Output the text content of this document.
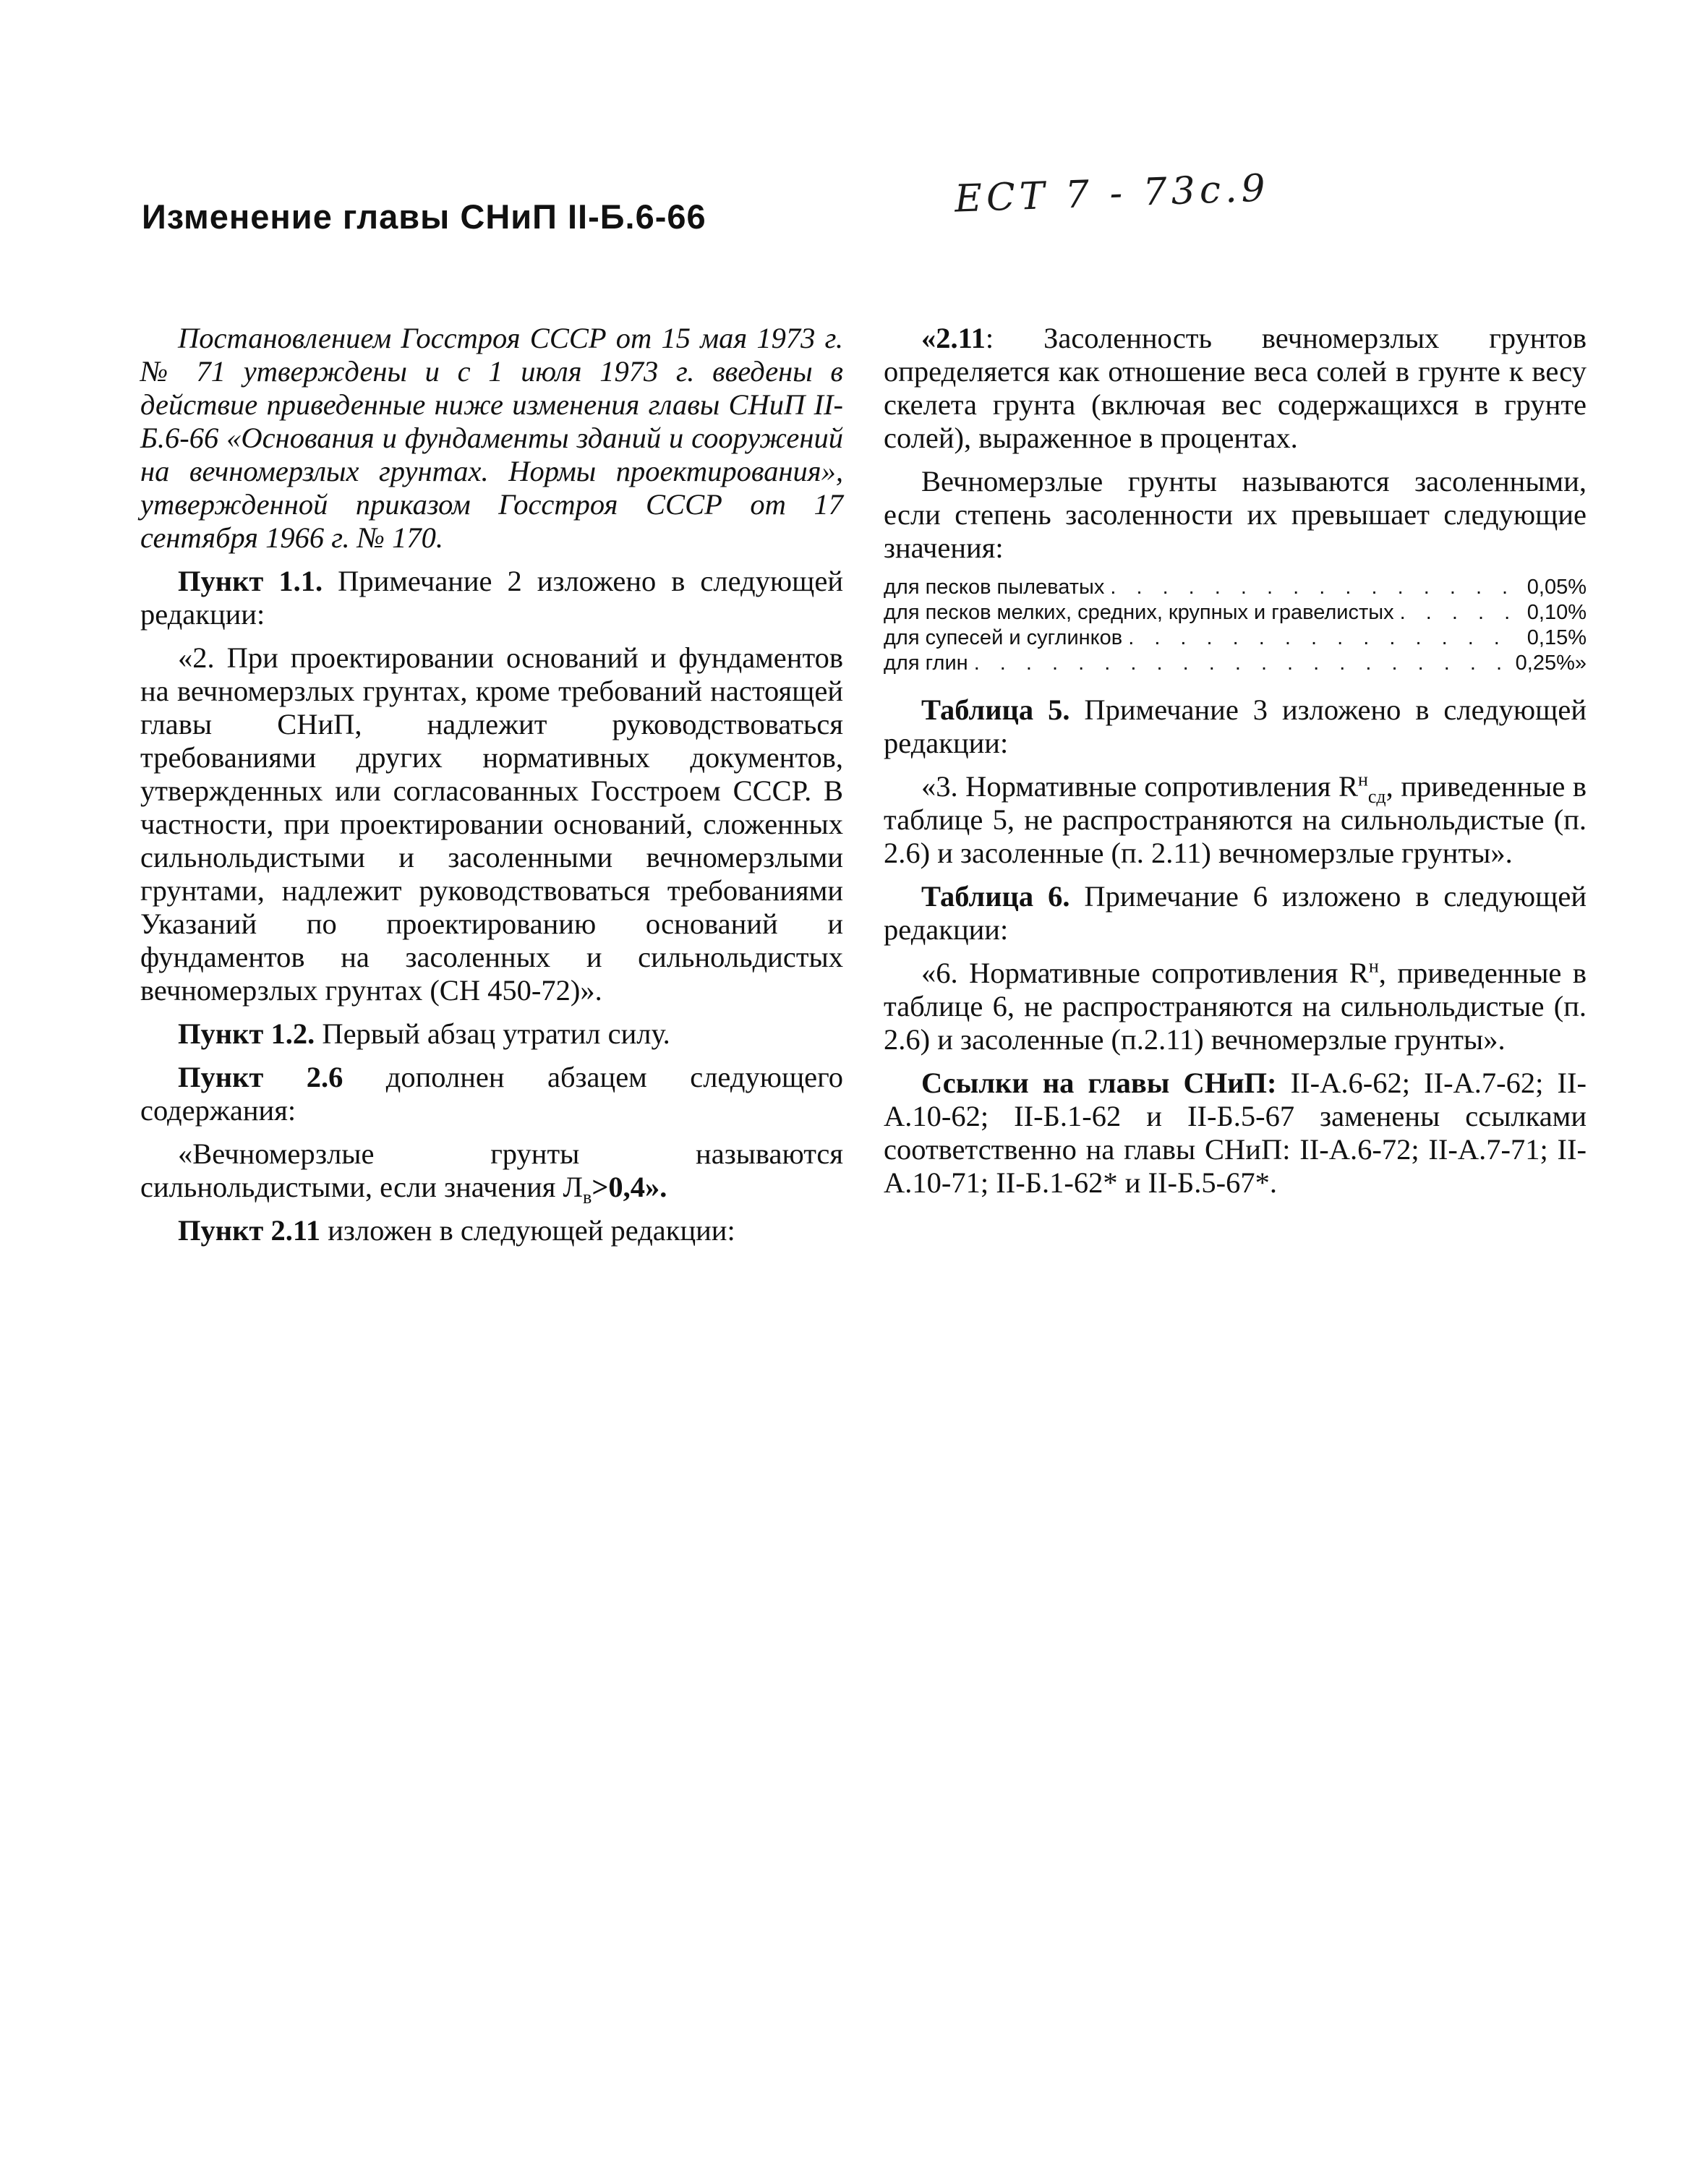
Изменение главы СНиП II-Б.6-66	ЕСТ 7 - 73с.9

Постановлением Госстроя СССР от 15 мая 1973 г. № 71 утверждены и с 1 июля 1973 г. введены в действие приведенные ниже изменения главы СНиП II-Б.6-66 «Основания и фундаменты зданий и сооружений на вечномерзлых грунтах. Нормы проектирования», утвержденной приказом Госстроя СССР от 17 сентября 1966 г. № 170.

Пункт 1.1. Примечание 2 изложено в следующей редакции:

«2. При проектировании оснований и фундаментов на вечномерзлых грунтах, кроме требований настоящей главы СНиП, надлежит руководствоваться требованиями других нормативных документов, утвержденных или согласованных Госстроем СССР. В частности, при проектировании оснований, сложенных сильнольдистыми и засоленными вечномерзлыми грунтами, надлежит руководствоваться требованиями Указаний по проектированию оснований и фундаментов на засоленных и сильнольдистых вечномерзлых грунтах (СН 450-72)».

Пункт 1.2. Первый абзац утратил силу.

Пункт 2.6 дополнен абзацем следующего содержания:

«Вечномерзлые грунты называются сильнольдистыми, если значения $Л_в>0,4$».

Пункт 2.11 изложен в следующей редакции:

«2.11: Засоленность вечномерзлых грунтов определяется как отношение веса солей в грунте к весу скелета грунта (включая вес содержащихся в грунте солей), выраженное в процентах.

Вечномерзлые грунты называются засоленными, если степень засоленности их превышает следующие значения:

для песков пылеватых . . .	0,05%
для песков мелких, средних, крупных и гравелистых . . .	0,10%
для супесей и суглинков . . .	0,15%
для глин . . .	0,25%»

Таблица 5. Примечание 3 изложено в следующей редакции:

«3. Нормативные сопротивления $R^н_{сд}$, приведенные в таблице 5, не распространяются на сильнольдистые (п. 2.6) и засоленные (п. 2.11) вечномерзлые грунты».

Таблица 6. Примечание 6 изложено в следующей редакции:

«6. Нормативные сопротивления $R^н$, приведенные в таблице 6, не распространяются на сильнольдистые (п. 2.6) и засоленные (п.2.11) вечномерзлые грунты».

Ссылки на главы СНиП: II-А.6-62; II-А.7-62; II-А.10-62; II-Б.1-62 и II-Б.5-67 заменены ссылками соответственно на главы СНиП: II-А.6-72; II-А.7-71; II-А.10-71; II-Б.1-62* и II-Б.5-67*.
